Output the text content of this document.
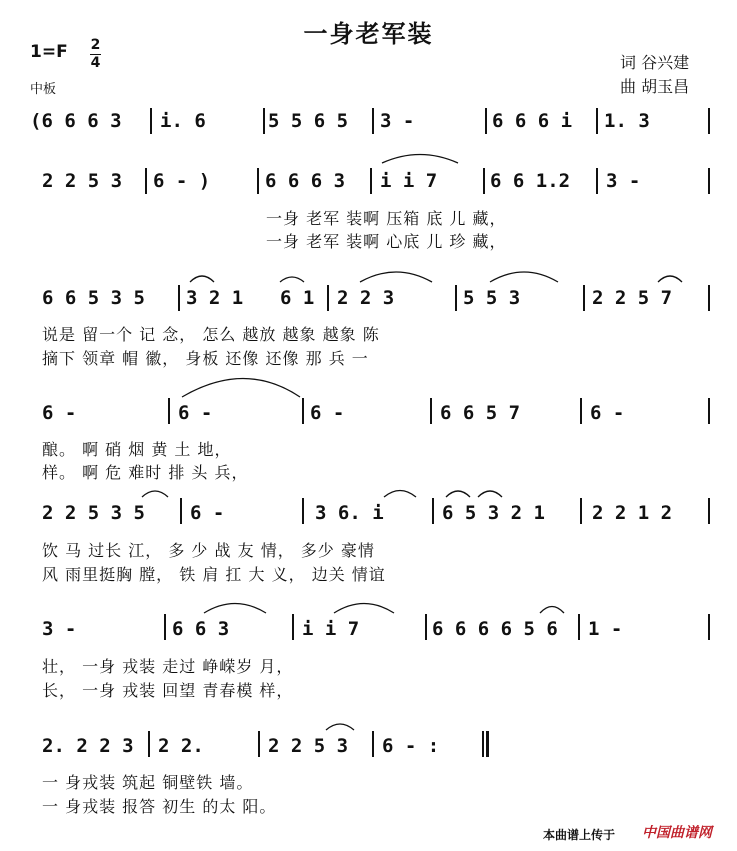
一身老军装
1=F 2
4
中板
词 谷兴建
曲 胡玉昌
(6 6 6 3 i. 6	5 5 6 5 3 -	6 6 6 i 1. 3
2 2 5 3 6 - )	6 6 6 3 i i 7	6 6 1.2 3 -
一身 老军 装啊 压箱 底 儿 藏，
一身 老军 装啊 心底 儿 珍 藏，
6 6 5 3 5 3 2 1 6 1 2 2 3	5 5 3	2 2 5 7
说是 留一个 记 念， 怎么 越放 越象 越象 陈
摘下 领章 帽 徽， 身板 还像 还像 那 兵 一
6 -	6 -	6 -	6 6 5 7	6 -
酿。 啊 硝 烟 黄 土 地，
样。 啊 危 难时 排 头 兵，
2 2 5 3 5 6 -	3 6. i	6 5 3 2 1 2 2 1 2
饮 马 过长 江， 多 少 战 友 情， 多少 豪情
风 雨里挺胸 膛， 铁 肩 扛 大 义， 边关 情谊
3 -	6 6 3	i i 7	6 6 6 6 5 6 1 -
壮， 一身 戎装 走过 峥嵘岁 月，
长， 一身 戎装 回望 青春模 样，
2. 2 2 3 2 2.	2 2 5 3 6 - :
一 身戎装 筑起 铜壁铁 墙。
一 身戎装 报答 初生 的太 阳。
本曲谱上传于 中国曲谱网
